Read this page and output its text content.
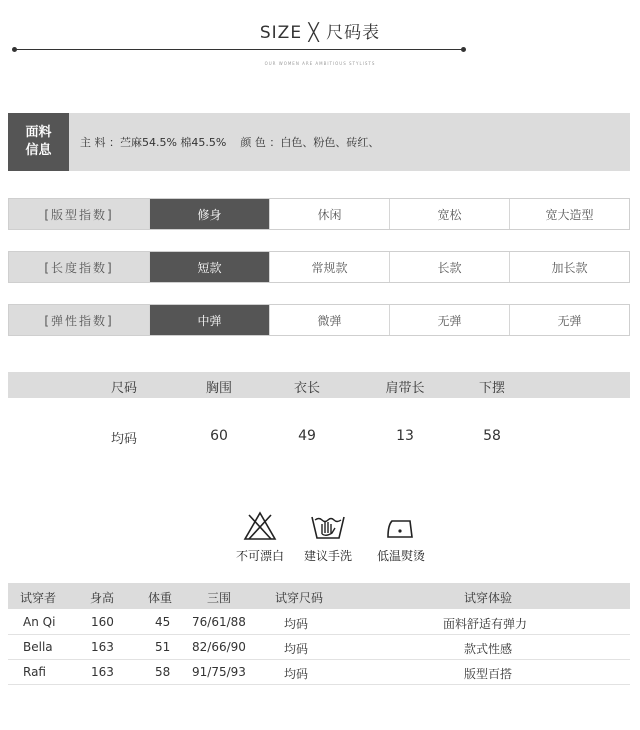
SIZE ╳ 尺码表
OUR WOMEN ARE AMBITIOUS STYLISTS
面料
信息
主 料 ：苎麻54.5% 棉45.5%    颜 色 ：白色、粉色、砖红、
[版型指数]	修身	休闲	宽松	宽大造型
[长度指数]	短款	常规款	长款	加长款
[弹性指数]	中弹	微弹	无弹	无弹
尺码	胸围	衣长	肩带长	下摆
均码	60	49	13	58
不可漂白	建议手洗	低温熨烫
试穿者	身高	体重	三围	试穿尺码	试穿体验
An Qi	160	45 76/61/88	均码	面料舒适有弹力
Bella	163	51 82/66/90	均码	款式性感
Rafi	163	58 91/75/93	均码	版型百搭
